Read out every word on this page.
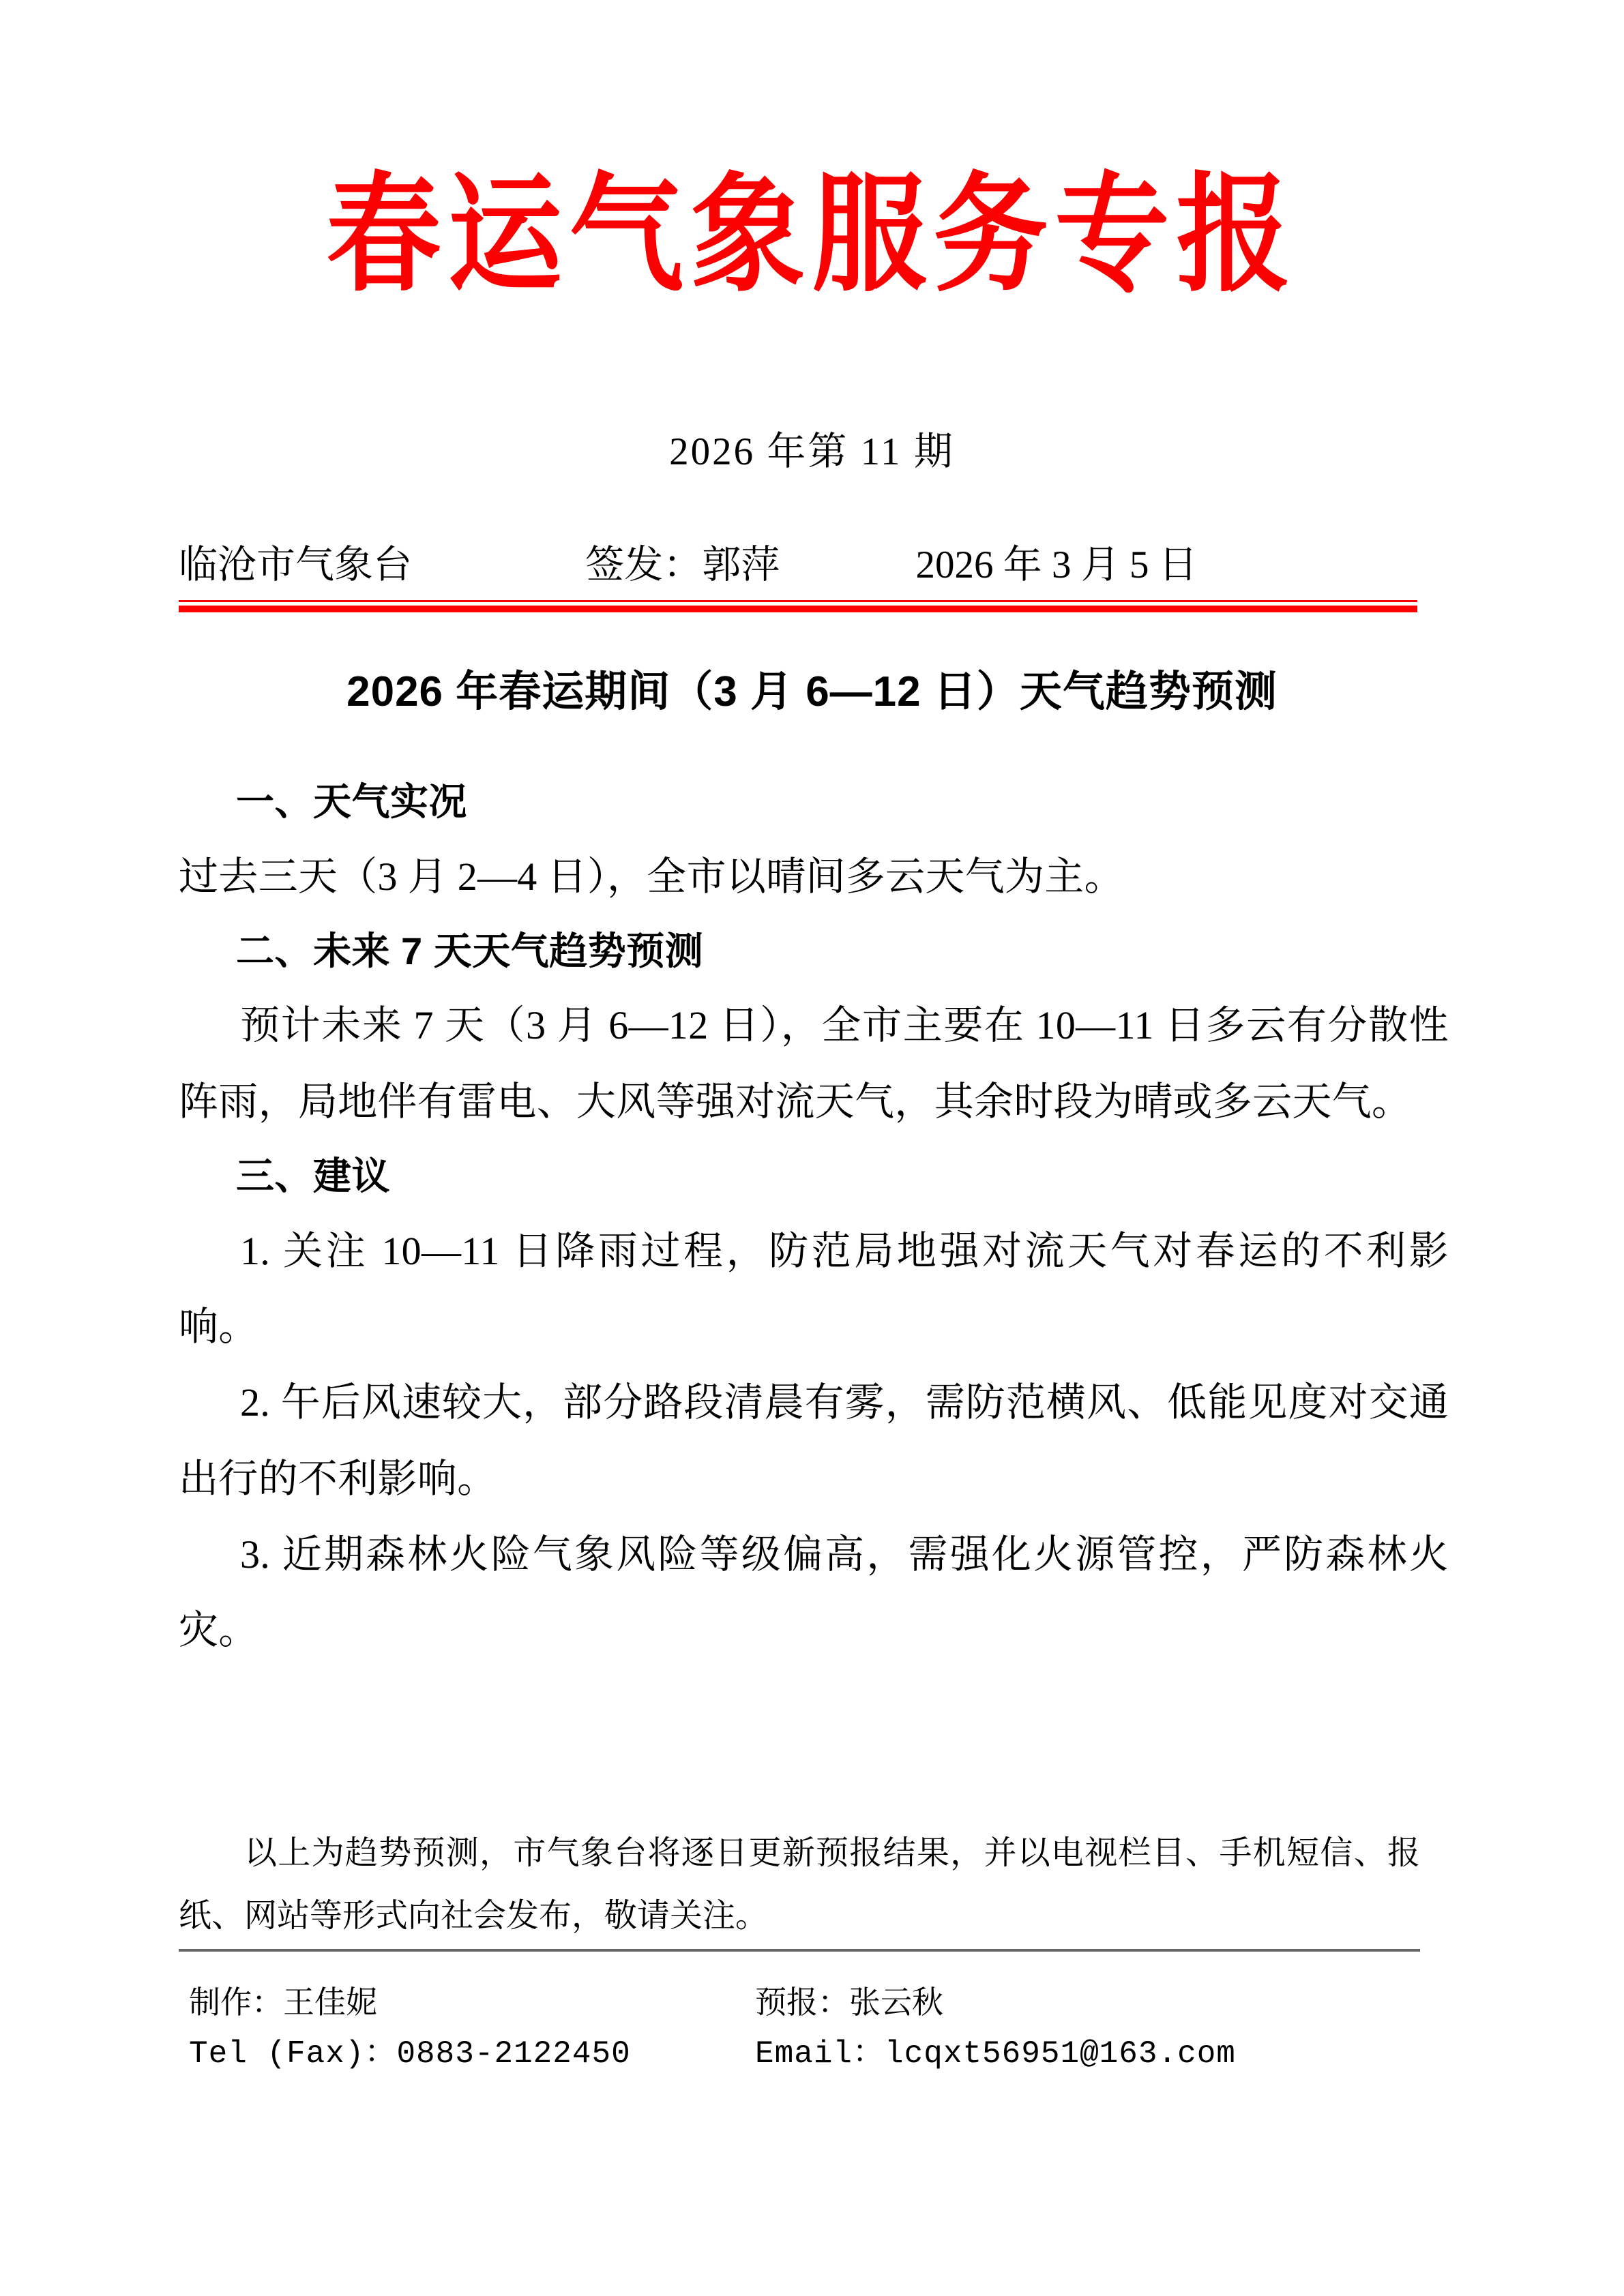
春运气象服务专报
2026 年第 11 期
临沧市气象台	签发：郭萍	2026 年 3 月 5 日
2026 年春运期间（3 月 6—12 日）天气趋势预测

一、天气实况

过去三天（3 月 2—4 日），全市以晴间多云天气为主。

二、未来 7 天天气趋势预测

预计未来 7 天（3 月 6—12 日），全市主要在 10—11 日多云有分散性阵雨，局地伴有雷电、大风等强对流天气，其余时段为晴或多云天气。

三、建议

1. 关注 10—11 日降雨过程，防范局地强对流天气对春运的不利影响。

2. 午后风速较大，部分路段清晨有雾，需防范横风、低能见度对交通出行的不利影响。

3. 近期森林火险气象风险等级偏高，需强化火源管控，严防森林火灾。

以上为趋势预测，市气象台将逐日更新预报结果，并以电视栏目、手机短信、报纸、网站等形式向社会发布，敬请关注。

制作：王佳妮	预报：张云秋
Tel (Fax)：0883-2122450	Email：lcqxt56951@163.com
